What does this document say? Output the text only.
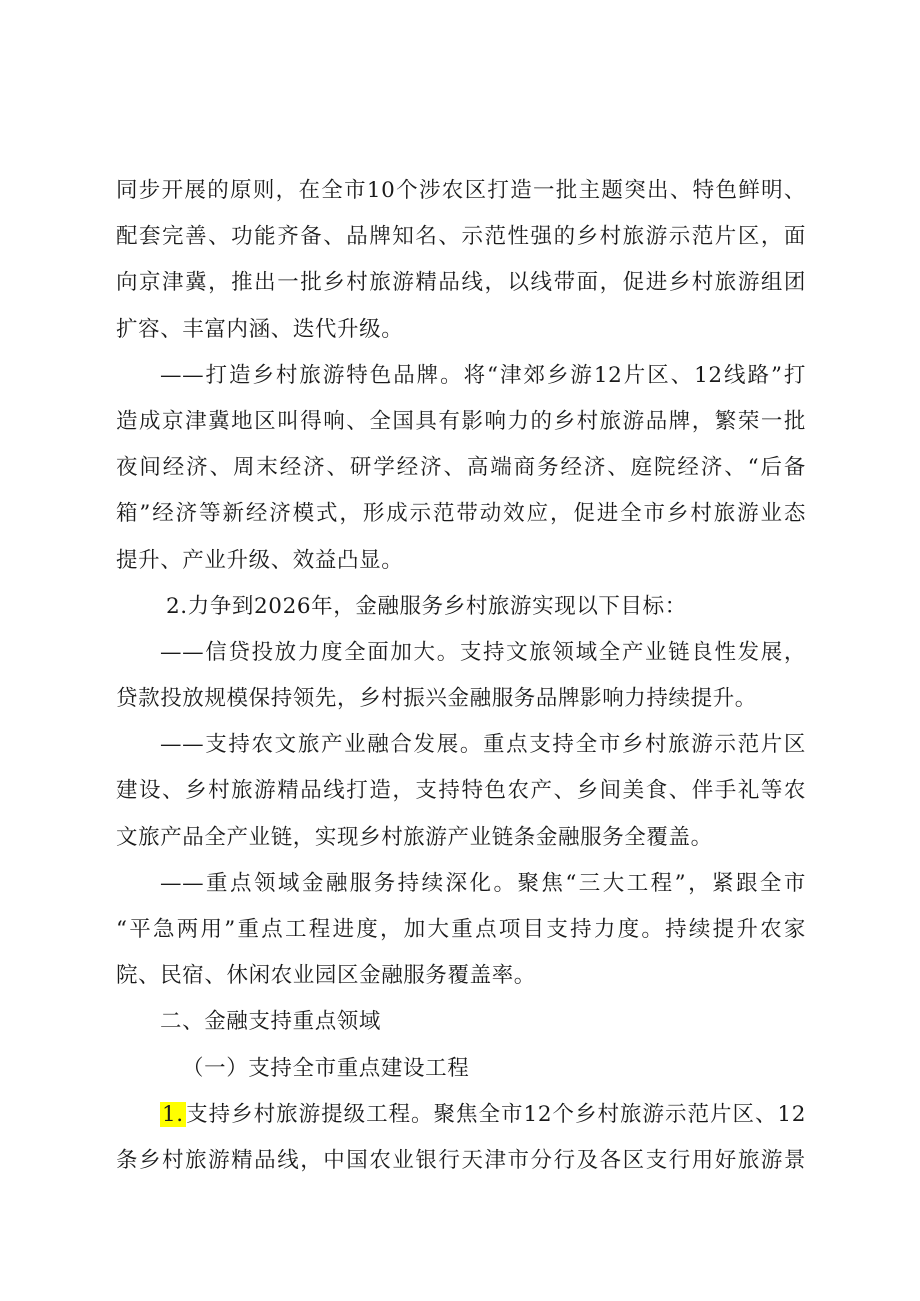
同步开展的原则，在全市10个涉农区打造一批主题突出、特色鲜明、
配套完善、功能齐备、品牌知名、示范性强的乡村旅游示范片区，面
向京津冀，推出一批乡村旅游精品线，以线带面，促进乡村旅游组团
扩容、丰富内涵、迭代升级。
——打造乡村旅游特色品牌。将“津郊乡游12片区、12线路”打
造成京津冀地区叫得响、全国具有影响力的乡村旅游品牌，繁荣一批
夜间经济、周末经济、研学经济、高端商务经济、庭院经济、“后备
箱”经济等新经济模式，形成示范带动效应，促进全市乡村旅游业态
提升、产业升级、效益凸显。
2.力争到2026年，金融服务乡村旅游实现以下目标：
——信贷投放力度全面加大。支持文旅领域全产业链良性发展，
贷款投放规模保持领先，乡村振兴金融服务品牌影响力持续提升。
——支持农文旅产业融合发展。重点支持全市乡村旅游示范片区
建设、乡村旅游精品线打造，支持特色农产、乡间美食、伴手礼等农
文旅产品全产业链，实现乡村旅游产业链条金融服务全覆盖。
——重点领域金融服务持续深化。聚焦“三大工程”，紧跟全市
“平急两用”重点工程进度，加大重点项目支持力度。持续提升农家
院、民宿、休闲农业园区金融服务覆盖率。
二、金融支持重点领域
（一）支持全市重点建设工程
1.支持乡村旅游提级工程。聚焦全市12个乡村旅游示范片区、12
条乡村旅游精品线，中国农业银行天津市分行及各区支行用好旅游景
